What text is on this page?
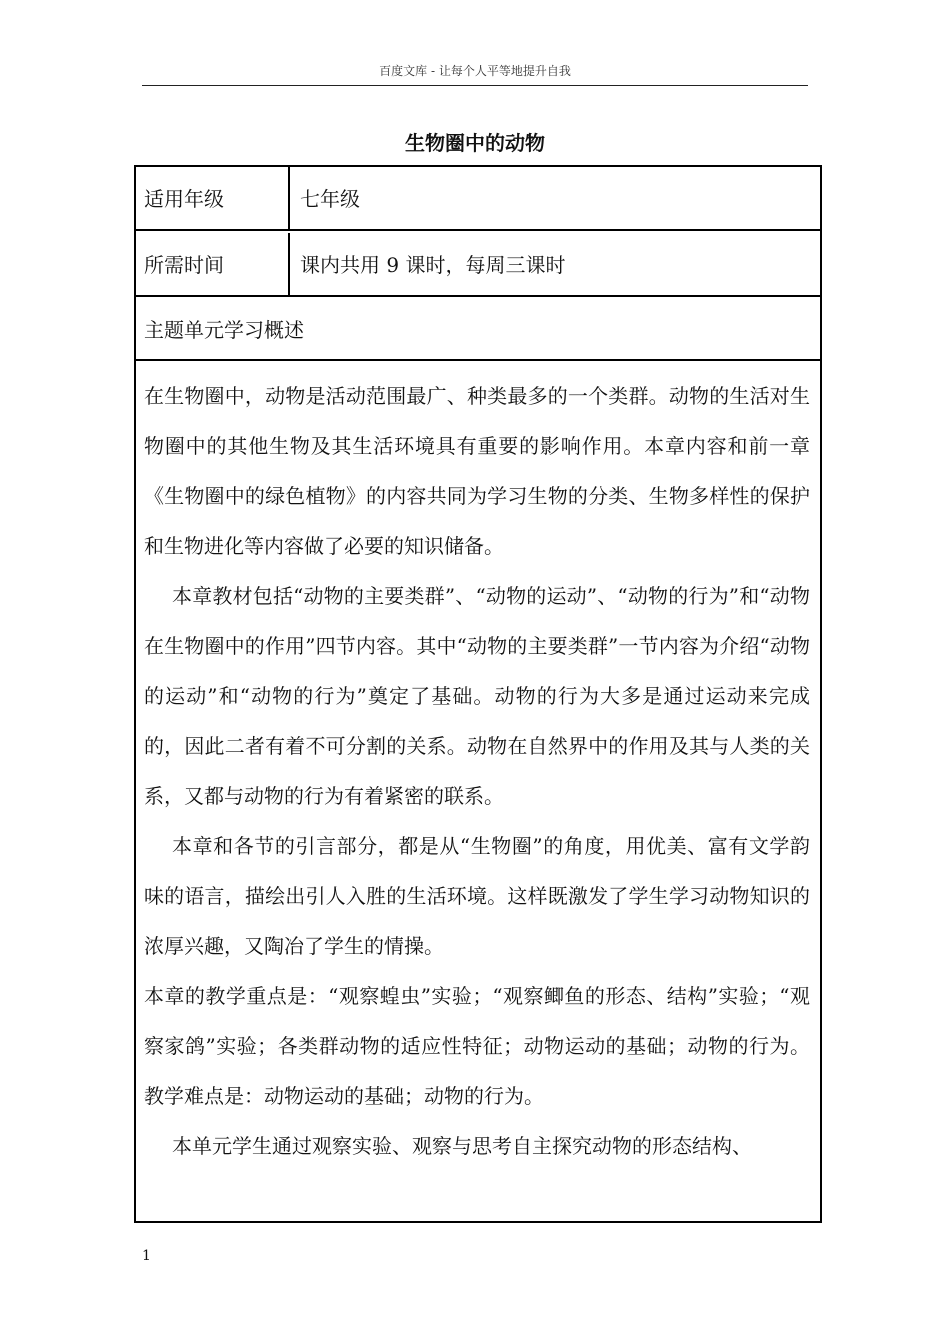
百度文库 - 让每个人平等地提升自我
生物圈中的动物
适用年级	七年级
所需时间	课内共用 9 课时，每周三课时
主题单元学习概述

在生物圈中，动物是活动范围最广、种类最多的一个类群。动物的生活对生物圈中的其他生物及其生活环境具有重要的影响作用。本章内容和前一章《生物圈中的绿色植物》的内容共同为学习生物的分类、生物多样性的保护和生物进化等内容做了必要的知识储备。

本章教材包括“动物的主要类群”、“动物的运动”、“动物的行为”和“动物在生物圈中的作用”四节内容。其中“动物的主要类群”一节内容为介绍“动物的运动”和“动物的行为”奠定了基础。动物的行为大多是通过运动来完成的，因此二者有着不可分割的关系。动物在自然界中的作用及其与人类的关系，又都与动物的行为有着紧密的联系。

本章和各节的引言部分，都是从“生物圈”的角度，用优美、富有文学韵味的语言，描绘出引人入胜的生活环境。这样既激发了学生学习动物知识的浓厚兴趣，又陶冶了学生的情操。

本章的教学重点是：“观察蝗虫”实验；“观察鲫鱼的形态、结构”实验；“观察家鸽”实验；各类群动物的适应性特征；动物运动的基础；动物的行为。教学难点是：动物运动的基础；动物的行为。

本单元学生通过观察实验、观察与思考自主探究动物的形态结构、

1
